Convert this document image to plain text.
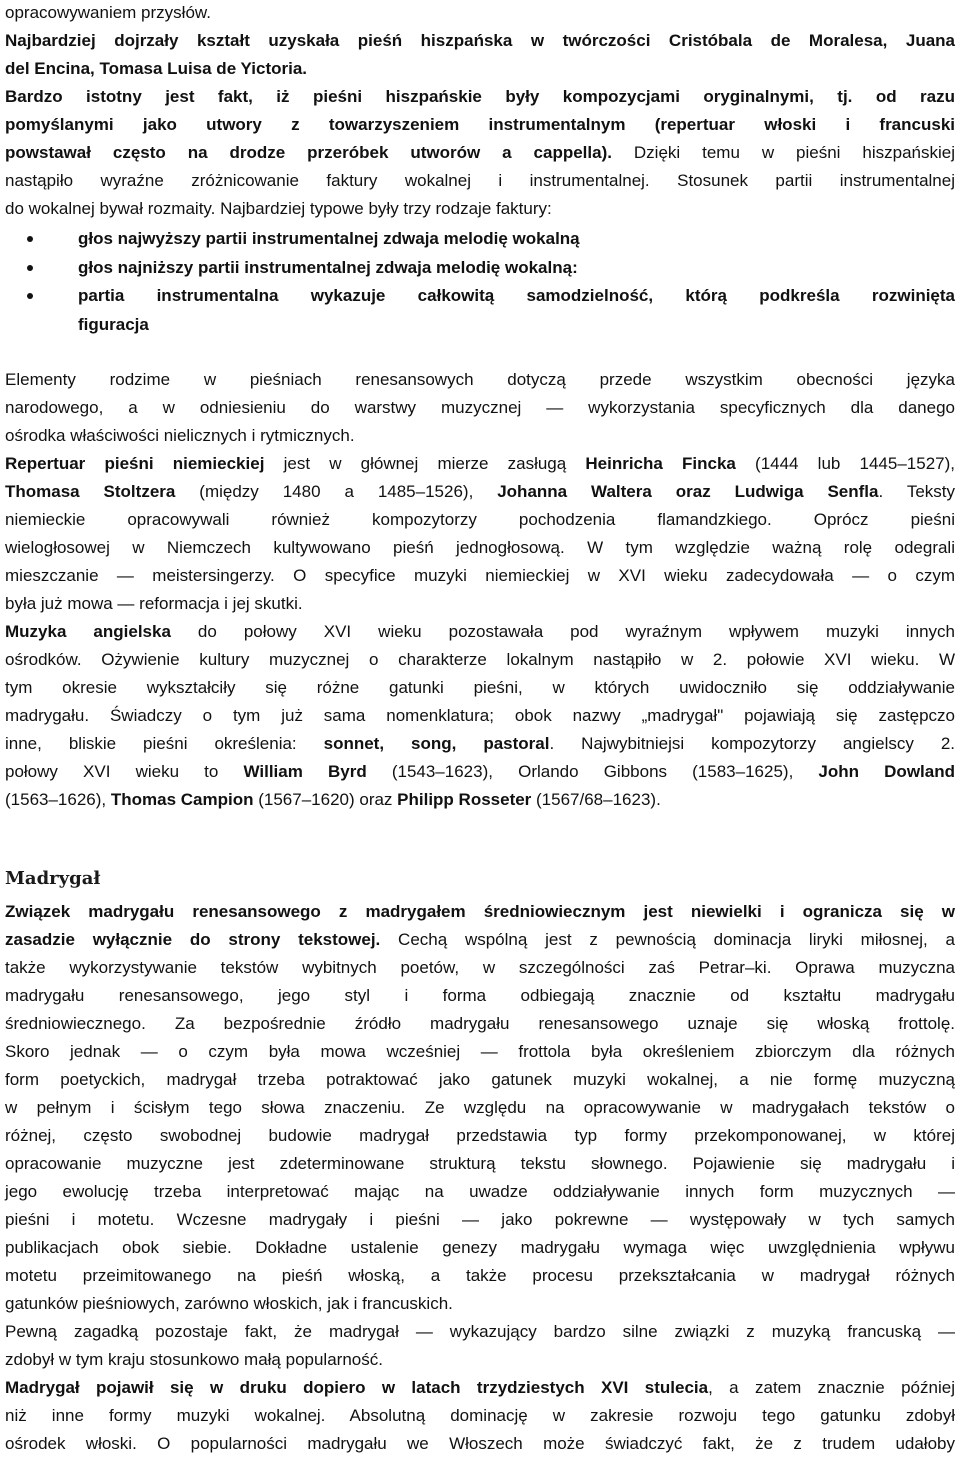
opracowywaniem przysłów.
Najbardziej dojrzały kształt uzyskała pieśń hiszpańska w twórczości Cristóbala de Moralesa, Juana
del Encina, Tomasa Luisa de Yictoria.
Bardzo istotny jest fakt, iż pieśni hiszpańskie były kompozycjami oryginalnymi, tj. od razu
pomyślanymi jako utwory z towarzyszeniem instrumentalnym (repertuar włoski i francuski
powstawał często na drodze przeróbek utworów a cappella). Dzięki temu w pieśni hiszpańskiej
nastąpiło wyraźne zróżnicowanie faktury wokalnej i instrumentalnej. Stosunek partii instrumentalnej
do wokalnej bywał rozmaity. Najbardziej typowe były trzy rodzaje faktury:
głos najwyższy partii instrumentalnej zdwaja melodię wokalną
głos najniższy partii instrumentalnej zdwaja melodię wokalną:
partia instrumentalna wykazuje całkowitą samodzielność, którą podkreśla rozwinięta
figuracja
Elementy rodzime w pieśniach renesansowych dotyczą przede wszystkim obecności języka
narodowego, a w odniesieniu do warstwy muzycznej — wykorzystania specyficznych dla danego
ośrodka właściwości nielicznych i rytmicznych.
Repertuar pieśni niemieckiej jest w głównej mierze zasługą Heinricha Fincka (1444 lub 1445–1527),
Thomasa Stoltzera (między 1480 a 1485–1526), Johanna Waltera oraz Ludwiga Senfla. Teksty
niemieckie opracowywali również kompozytorzy pochodzenia flamandzkiego. Oprócz pieśni
wielogłosowej w Niemczech kultywowano pieśń jednogłosową. W tym względzie ważną rolę odegrali
mieszczanie — meistersingerzy. O specyfice muzyki niemieckiej w XVI wieku zadecydowała — o czym
była już mowa — reformacja i jej skutki.
Muzyka angielska do połowy XVI wieku pozostawała pod wyraźnym wpływem muzyki innych
ośrodków. Ożywienie kultury muzycznej o charakterze lokalnym nastąpiło w 2. połowie XVI wieku. W
tym okresie wykształciły się różne gatunki pieśni, w których uwidoczniło się oddziaływanie
madrygału. Świadczy o tym już sama nomenklatura; obok nazwy „madrygał" pojawiają się zastępczo
inne, bliskie pieśni określenia: sonnet, song, pastoral. Najwybitniejsi kompozytorzy angielscy 2.
połowy XVI wieku to William Byrd (1543–1623), Orlando Gibbons (1583–1625), John Dowland
(1563–1626), Thomas Campion (1567–1620) oraz Philipp Rosseter (1567/68–1623).
Madrygał
Związek madrygału renesansowego z madrygałem średniowiecznym jest niewielki i ogranicza się w
zasadzie wyłącznie do strony tekstowej. Cechą wspólną jest z pewnością dominacja liryki miłosnej, a
także wykorzystywanie tekstów wybitnych poetów, w szczególności zaś Petrar–ki. Oprawa muzyczna
madrygału renesansowego, jego styl i forma odbiegają znacznie od kształtu madrygału
średniowiecznego. Za bezpośrednie źródło madrygału renesansowego uznaje się włoską frottolę.
Skoro jednak — o czym była mowa wcześniej — frottola była określeniem zbiorczym dla różnych
form poetyckich, madrygał trzeba potraktować jako gatunek muzyki wokalnej, a nie formę muzyczną
w pełnym i ścisłym tego słowa znaczeniu. Ze względu na opracowywanie w madrygałach tekstów o
różnej, często swobodnej budowie madrygał przedstawia typ formy przekomponowanej, w której
opracowanie muzyczne jest zdeterminowane strukturą tekstu słownego. Pojawienie się madrygału i
jego ewolucję trzeba interpretować mając na uwadze oddziaływanie innych form muzycznych —
pieśni i motetu. Wczesne madrygały i pieśni — jako pokrewne — występowały w tych samych
publikacjach obok siebie. Dokładne ustalenie genezy madrygału wymaga więc uwzględnienia wpływu
motetu przeimitowanego na pieśń włoską, a także procesu przekształcania w madrygał różnych
gatunków pieśniowych, zarówno włoskich, jak i francuskich.
Pewną zagadką pozostaje fakt, że madrygał — wykazujący bardzo silne związki z muzyką francuską —
zdobył w tym kraju stosunkowo małą popularność.
Madrygał pojawił się w druku dopiero w latach trzydziestych XVI stulecia, a zatem znacznie później
niż inne formy muzyki wokalnej. Absolutną dominację w zakresie rozwoju tego gatunku zdobył
ośrodek włoski. O popularności madrygału we Włoszech może świadczyć fakt, że z trudem udałoby
